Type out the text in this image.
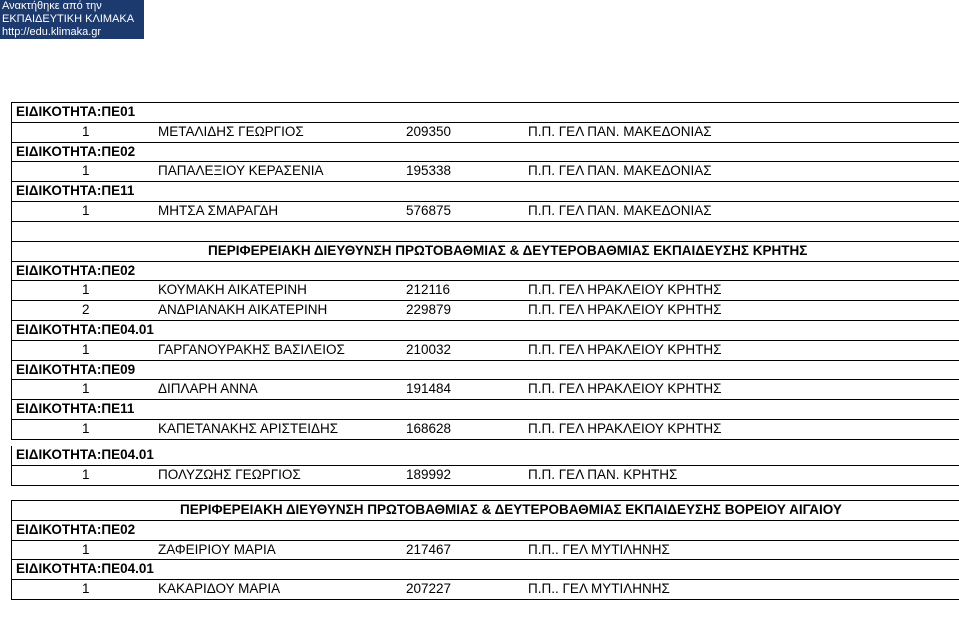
Ανακτήθηκε από την
ΕΚΠΑΙΔΕΥΤΙΚΗ ΚΛΙΜΑΚΑ
http://edu.klimaka.gr
ΕΙΔΙΚΟΤΗΤΑ:ΠΕ01
1	ΜΕΤΑΛΙΔΗΣ ΓΕΩΡΓΙΟΣ	209350	Π.Π. ΓΕΛ ΠΑΝ. ΜΑΚΕΔΟΝΙΑΣ
ΕΙΔΙΚΟΤΗΤΑ:ΠΕ02
1	ΠΑΠΑΛΕΞΙΟΥ ΚΕΡΑΣΕΝΙΑ	195338	Π.Π. ΓΕΛ ΠΑΝ. ΜΑΚΕΔΟΝΙΑΣ
ΕΙΔΙΚΟΤΗΤΑ:ΠΕ11
1	ΜΗΤΣΑ ΣΜΑΡΑΓΔΗ	576875	Π.Π. ΓΕΛ ΠΑΝ. ΜΑΚΕΔΟΝΙΑΣ
ΠΕΡΙΦΕΡΕΙΑΚΗ ΔΙΕΥΘΥΝΣΗ ΠΡΩΤΟΒΑΘΜΙΑΣ & ΔΕΥΤΕΡΟΒΑΘΜΙΑΣ ΕΚΠΑΙΔΕΥΣΗΣ ΚΡΗΤΗΣ
ΕΙΔΙΚΟΤΗΤΑ:ΠΕ02
1	ΚΟΥΜΑΚΗ ΑΙΚΑΤΕΡΙΝΗ	212116	Π.Π. ΓΕΛ ΗΡΑΚΛΕΙΟΥ ΚΡΗΤΗΣ
2	ΑΝΔΡΙΑΝΑΚΗ ΑΙΚΑΤΕΡΙΝΗ	229879	Π.Π. ΓΕΛ ΗΡΑΚΛΕΙΟΥ ΚΡΗΤΗΣ
ΕΙΔΙΚΟΤΗΤΑ:ΠΕ04.01
1	ΓΑΡΓΑΝΟΥΡΑΚΗΣ ΒΑΣΙΛΕΙΟΣ	210032	Π.Π. ΓΕΛ ΗΡΑΚΛΕΙΟΥ ΚΡΗΤΗΣ
ΕΙΔΙΚΟΤΗΤΑ:ΠΕ09
1	ΔΙΠΛΑΡΗ ΑΝΝΑ	191484	Π.Π. ΓΕΛ ΗΡΑΚΛΕΙΟΥ ΚΡΗΤΗΣ
ΕΙΔΙΚΟΤΗΤΑ:ΠΕ11
1	ΚΑΠΕΤΑΝΑΚΗΣ ΑΡΙΣΤΕΙΔΗΣ	168628	Π.Π. ΓΕΛ ΗΡΑΚΛΕΙΟΥ ΚΡΗΤΗΣ
ΕΙΔΙΚΟΤΗΤΑ:ΠΕ04.01
1	ΠΟΛΥΖΩΗΣ ΓΕΩΡΓΙΟΣ	189992	Π.Π. ΓΕΛ ΠΑΝ. ΚΡΗΤΗΣ
ΠΕΡΙΦΕΡΕΙΑΚΗ ΔΙΕΥΘΥΝΣΗ ΠΡΩΤΟΒΑΘΜΙΑΣ & ΔΕΥΤΕΡΟΒΑΘΜΙΑΣ ΕΚΠΑΙΔΕΥΣΗΣ ΒΟΡΕΙΟΥ ΑΙΓΑΙΟΥ
ΕΙΔΙΚΟΤΗΤΑ:ΠΕ02
1	ΖΑΦΕΙΡΙΟΥ ΜΑΡΙΑ	217467	Π.Π.. ΓΕΛ ΜΥΤΙΛΗΝΗΣ
ΕΙΔΙΚΟΤΗΤΑ:ΠΕ04.01
1	ΚΑΚΑΡΙΔΟΥ ΜΑΡΙΑ	207227	Π.Π.. ΓΕΛ ΜΥΤΙΛΗΝΗΣ
